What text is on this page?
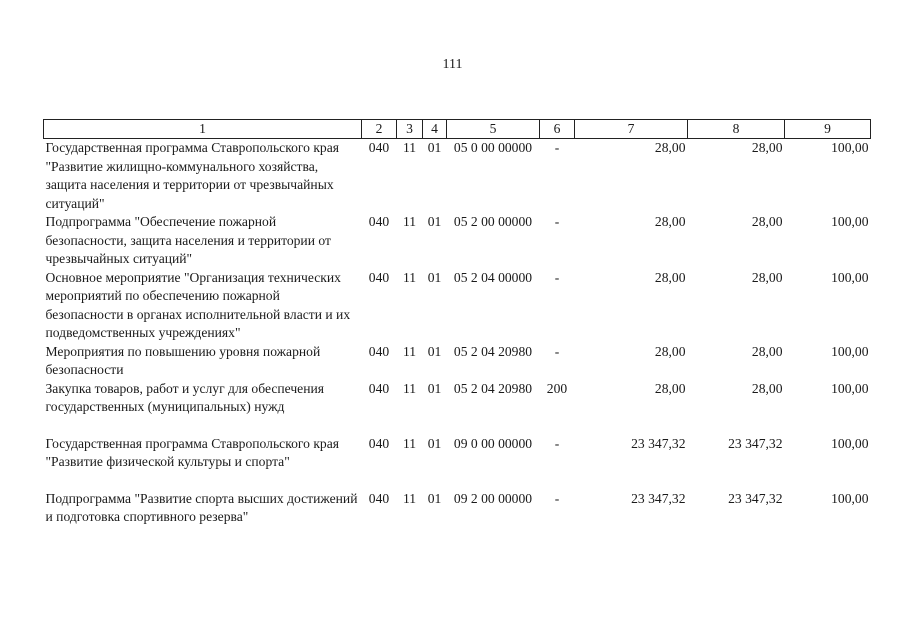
111
1	2	3	4	5	6	7	8	9
Государственная программа Ставропольского края "Развитие жилищно-коммунального хозяйства, защита населения и территории от чрезвычайных ситуаций"	040	11	01	05 0 00 00000	-	28,00	28,00	100,00
Подпрограмма "Обеспечение пожарной безопасности, защита населения и территории от чрезвычайных ситуаций"	040	11	01	05 2 00 00000	-	28,00	28,00	100,00
Основное мероприятие "Организация технических мероприятий по обеспечению пожарной безопасности в органах исполнительной власти и их подведомственных учреждениях"	040	11	01	05 2 04 00000	-	28,00	28,00	100,00
Мероприятия по повышению уровня пожарной безопасности	040	11	01	05 2 04 20980	-	28,00	28,00	100,00
Закупка товаров, работ и услуг для обеспечения государственных (муниципальных) нужд	040	11	01	05 2 04 20980	200	28,00	28,00	100,00

Государственная программа Ставропольского края "Развитие физической культуры и спорта"	040	11	01	09 0 00 00000	-	23 347,32	23 347,32	100,00

Подпрограмма "Развитие спорта высших достижений и подготовка спортивного резерва"	040	11	01	09 2 00 00000	-	23 347,32	23 347,32	100,00
